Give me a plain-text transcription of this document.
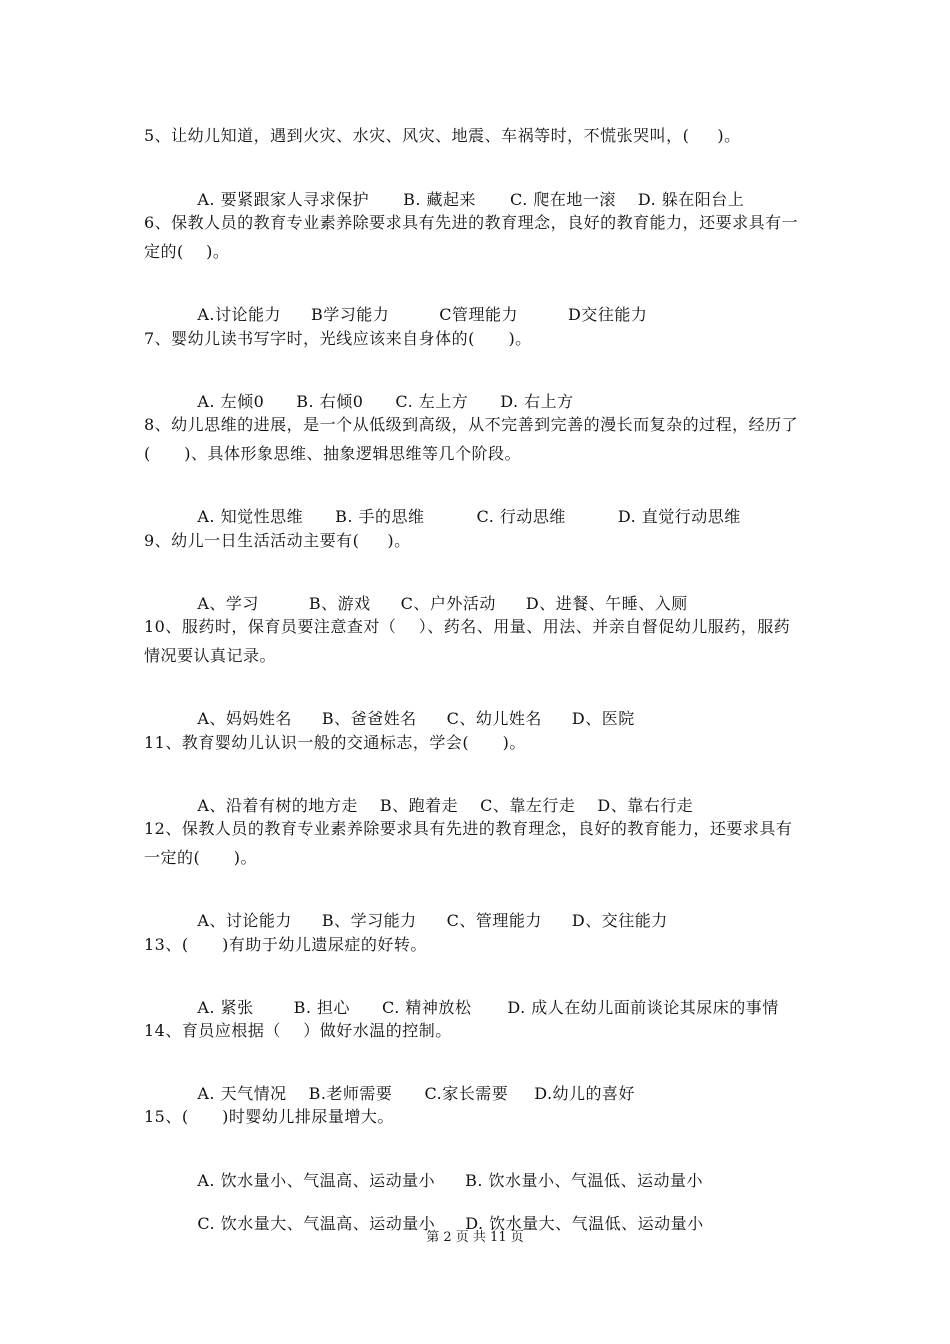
5、让幼儿知道，遇到火灾、水灾、风灾、地震、车祸等时，不慌张哭叫，(     )。

A. 要紧跟家人寻求保护 B. 藏起来 C. 爬在地一滚 D. 躲在阳台上

6、保教人员的教育专业素养除要求具有先进的教育理念，良好的教育能力，还要求具有一
定的(    )。

A.讨论能力 B学习能力	C管理能力	D交往能力

7、婴幼儿读书写字时，光线应该来自身体的(      )。

A. 左倾0 B. 右倾0 C. 左上方 D. 右上方

8、幼儿思维的进展，是一个从低级到高级，从不完善到完善的漫长而复杂的过程，经历了
(      )、具体形象思维、抽象逻辑思维等几个阶段。

A. 知觉性思维 B. 手的思维	C. 行动思维	D. 直觉行动思维

9、幼儿一日生活活动主要有(     )。

A、学习	B、游戏 C、户外活动 D、进餐、午睡、入厕

10、服药时，保育员要注意查对（    ）、药名、用量、用法、并亲自督促幼儿服药，服药
情况要认真记录。

A、妈妈姓名 B、爸爸姓名 C、幼儿姓名 D、医院

11、教育婴幼儿认识一般的交通标志，学会(      )。

A、沿着有树的地方走 B、跑着走 C、靠左行走 D、靠右行走

12、保教人员的教育专业素养除要求具有先进的教育理念，良好的教育能力，还要求具有
一定的(      )。

A、讨论能力 B、学习能力 C、管理能力 D、交往能力

13、(      )有助于幼儿遗尿症的好转。

A. 紧张	B. 担心 C. 精神放松 D. 成人在幼儿面前谈论其尿床的事情

14、育员应根据（    ）做好水温的控制。

A. 天气情况 B.老师需要 C.家长需要 D.幼儿的喜好

15、(      )时婴幼儿排尿量增大。

A. 饮水量小、气温高、运动量小 B. 饮水量小、气温低、运动量小

C. 饮水量大、气温高、运动量小 D. 饮水量大、气温低、运动量小

第 2 页 共 11 页
